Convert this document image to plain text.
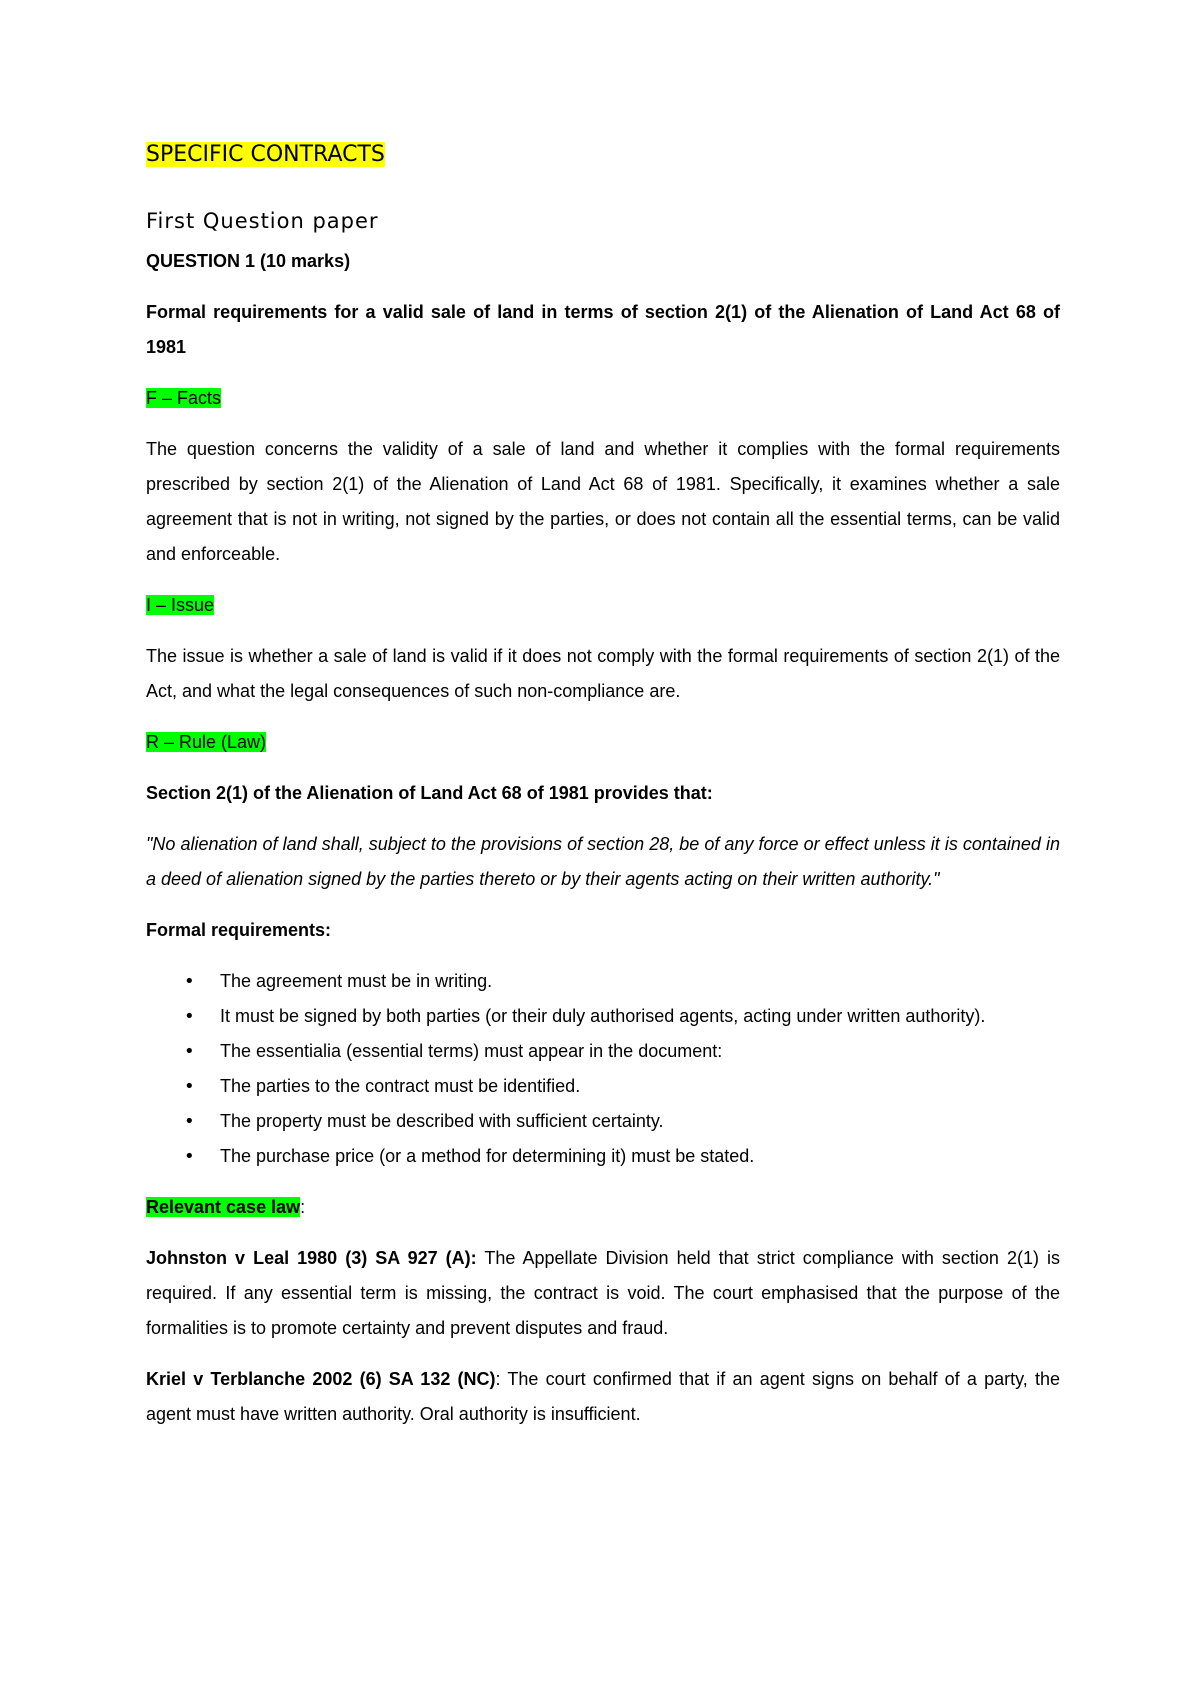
SPECIFIC CONTRACTS
First Question paper

QUESTION 1 (10 marks)

Formal requirements for a valid sale of land in terms of section 2(1) of the Alienation of Land Act 68 of 1981

F – Facts

The question concerns the validity of a sale of land and whether it complies with the formal requirements prescribed by section 2(1) of the Alienation of Land Act 68 of 1981. Specifically, it examines whether a sale agreement that is not in writing, not signed by the parties, or does not contain all the essential terms, can be valid and enforceable.

I – Issue

The issue is whether a sale of land is valid if it does not comply with the formal requirements of section 2(1) of the Act, and what the legal consequences of such non-compliance are.

R – Rule (Law)

Section 2(1) of the Alienation of Land Act 68 of 1981 provides that:

"No alienation of land shall, subject to the provisions of section 28, be of any force or effect unless it is contained in a deed of alienation signed by the parties thereto or by their agents acting on their written authority."

Formal requirements:

• The agreement must be in writing.
• It must be signed by both parties (or their duly authorised agents, acting under written authority).
• The essentialia (essential terms) must appear in the document:
• The parties to the contract must be identified.
• The property must be described with sufficient certainty.
• The purchase price (or a method for determining it) must be stated.

Relevant case law:

Johnston v Leal 1980 (3) SA 927 (A): The Appellate Division held that strict compliance with section 2(1) is required. If any essential term is missing, the contract is void. The court emphasised that the purpose of the formalities is to promote certainty and prevent disputes and fraud.

Kriel v Terblanche 2002 (6) SA 132 (NC): The court confirmed that if an agent signs on behalf of a party, the agent must have written authority. Oral authority is insufficient.
